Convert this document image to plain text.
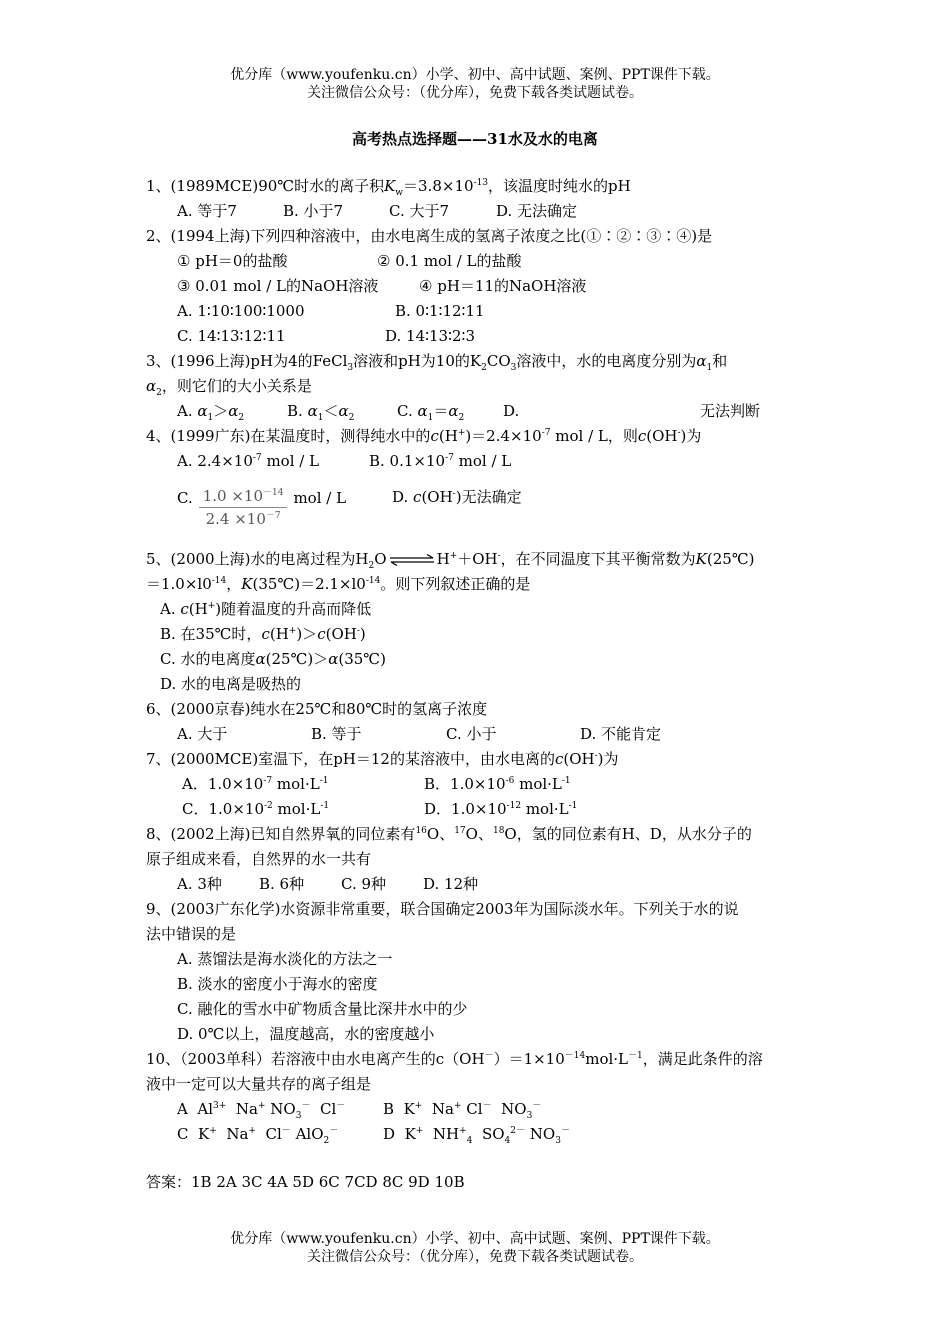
优分库（www.youfenku.cn）小学、初中、高中试题、案例、PPT课件下载。
关注微信公众号：（优分库），免费下载各类试题试卷。
高考热点选择题——31水及水的电离
1、(1989MCE)90℃时水的离子积$K_w=3.8\times 10^{-13}$，该温度时纯水的pH
A. 等于7	B. 小于7	C. 大于7	D. 无法确定
2、(1994上海)下列四种溶液中，由水电离生成的氢离子浓度之比(①∶②∶③∶④)是
① pH＝0的盐酸	② 0.1 mol / L的盐酸
③ 0.01 mol / L的NaOH溶液	④ pH＝11的NaOH溶液
A. 1∶10∶100∶1000	B. 0∶1∶12∶11
C. 14∶13∶12∶11	D. 14∶13∶2∶3
3、(1996上海)pH为4的FeCl$_3$溶液和pH为10的$K_2CO_3$溶液中，水的电离度分别为$\alpha_1$和
$\alpha_2$，则它们的大小关系是
A. $\alpha_1>\alpha_2$	B. $\alpha_1<\alpha_2$	C. $\alpha_1=\alpha_2$	D.	无法判断
4、(1999广东)在某温度时，测得纯水中的$c(H^+)=2.4\times 10^{-7}$ mol / L，则c(OH-)为
A. $2.4\times 10^{-7}$ mol / L	B. $0.1\times 10^{-7}$ mol / L
C. $\frac{1.0 \times 10^{-14}}{2.4 \times 10^{-7}}$ mol / L	D. c(OH-)无法确定
5、(2000上海)水的电离过程为$H_2O$ ⇌ H+＋OH-，在不同温度下其平衡常数为K(25℃)
$=1.0\times l0^{-14}$，$K(35℃)=2.1\times l0^{-14}$。则下列叙述正确的是
A. c(H+)随着温度的升高而降低
B. 在35℃时，c(H+)＞c(OH-)
C. 水的电离度α(25℃)＞α(35℃)
D. 水的电离是吸热的
6、(2000京春)纯水在25℃和80℃时的氢离子浓度
A. 大于	B. 等于	C. 小于	D. 不能肯定
7、(2000MCE)室温下，在pH＝12的某溶液中，由水电离的c(OH-)为
A．$1.0\times 10^{-7}$ $mol\cdot L^{-1}$	B．$1.0\times 10^{-6}$ $mol\cdot L^{-1}$
C．$1.0\times 10^{-2}$ $mol\cdot L^{-1}$	D．$1.0\times 10^{-12}$ $mol\cdot L^{-1}$
8、(2002上海)已知自然界氧的同位素有$^{16}$O、$^{17}$O、$^{18}$O，氢的同位素有H、D，从水分子的
原子组成来看，自然界的水一共有
A. 3种 B. 6种 C. 9种 D. 12种
9、(2003广东化学)水资源非常重要，联合国确定2003年为国际淡水年。下列关于水的说
法中错误的是
A. 蒸馏法是海水淡化的方法之一
B. 淡水的密度小于海水的密度
C. 融化的雪水中矿物质含量比深井水中的少
D. 0℃以上，温度越高，水的密度越小
10、（2003单科）若溶液中由水电离产生的$c(OH^-)=1\times 10^{-14}mol\cdot L^{-1}$，满足此条件的溶
液中一定可以大量共存的离子组是
A $Al^{3+}$ Na+ $NO_3^-$ Cl－	B K+ Na+ Cl－ $NO_3^-$
C K+ Na+ Cl－ AlO$_2$－	D K+ $NH^+_4$ $SO_4^{2-}$ $NO_3^-$
答案：1B 2A 3C 4A 5D 6C 7CD 8C 9D 10B
优分库（www.youfenku.cn）小学、初中、高中试题、案例、PPT课件下载。
关注微信公众号：（优分库），免费下载各类试题试卷。
